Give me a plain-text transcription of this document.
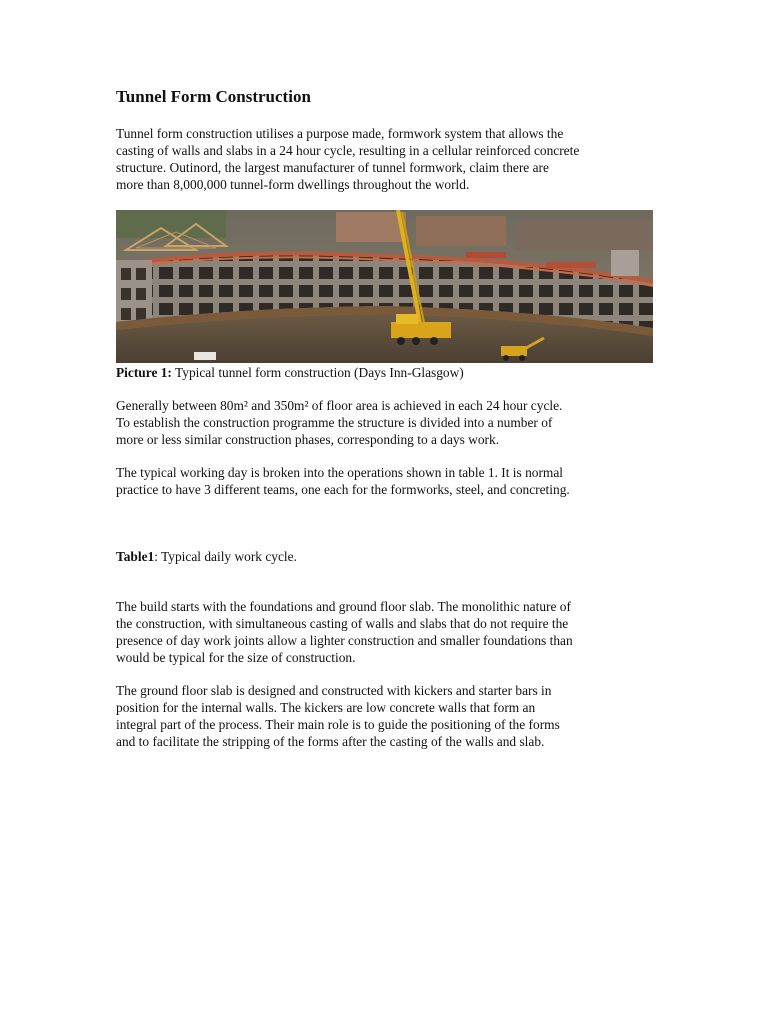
Tunnel Form Construction

Tunnel form construction utilises a purpose made, formwork system that allows the
casting of walls and slabs in a 24 hour cycle, resulting in a cellular reinforced concrete
structure. Outinord, the largest manufacturer of tunnel formwork, claim there are
more than 8,000,000 tunnel-form dwellings throughout the world.

Picture 1: Typical tunnel form construction (Days Inn-Glasgow)

Generally between 80m² and 350m² of floor area is achieved in each 24 hour cycle.
To establish the construction programme the structure is divided into a number of
more or less similar construction phases, corresponding to a days work.

The typical working day is broken into the operations shown in table 1. It is normal
practice to have 3 different teams, one each for the formworks, steel, and concreting.

Table1: Typical daily work cycle.

The build starts with the foundations and ground floor slab. The monolithic nature of
the construction, with simultaneous casting of walls and slabs that do not require the
presence of day work joints allow a lighter construction and smaller foundations than
would be typical for the size of construction.

The ground floor slab is designed and constructed with kickers and starter bars in
position for the internal walls. The kickers are low concrete walls that form an
integral part of the process. Their main role is to guide the positioning of the forms
and to facilitate the stripping of the forms after the casting of the walls and slab.
